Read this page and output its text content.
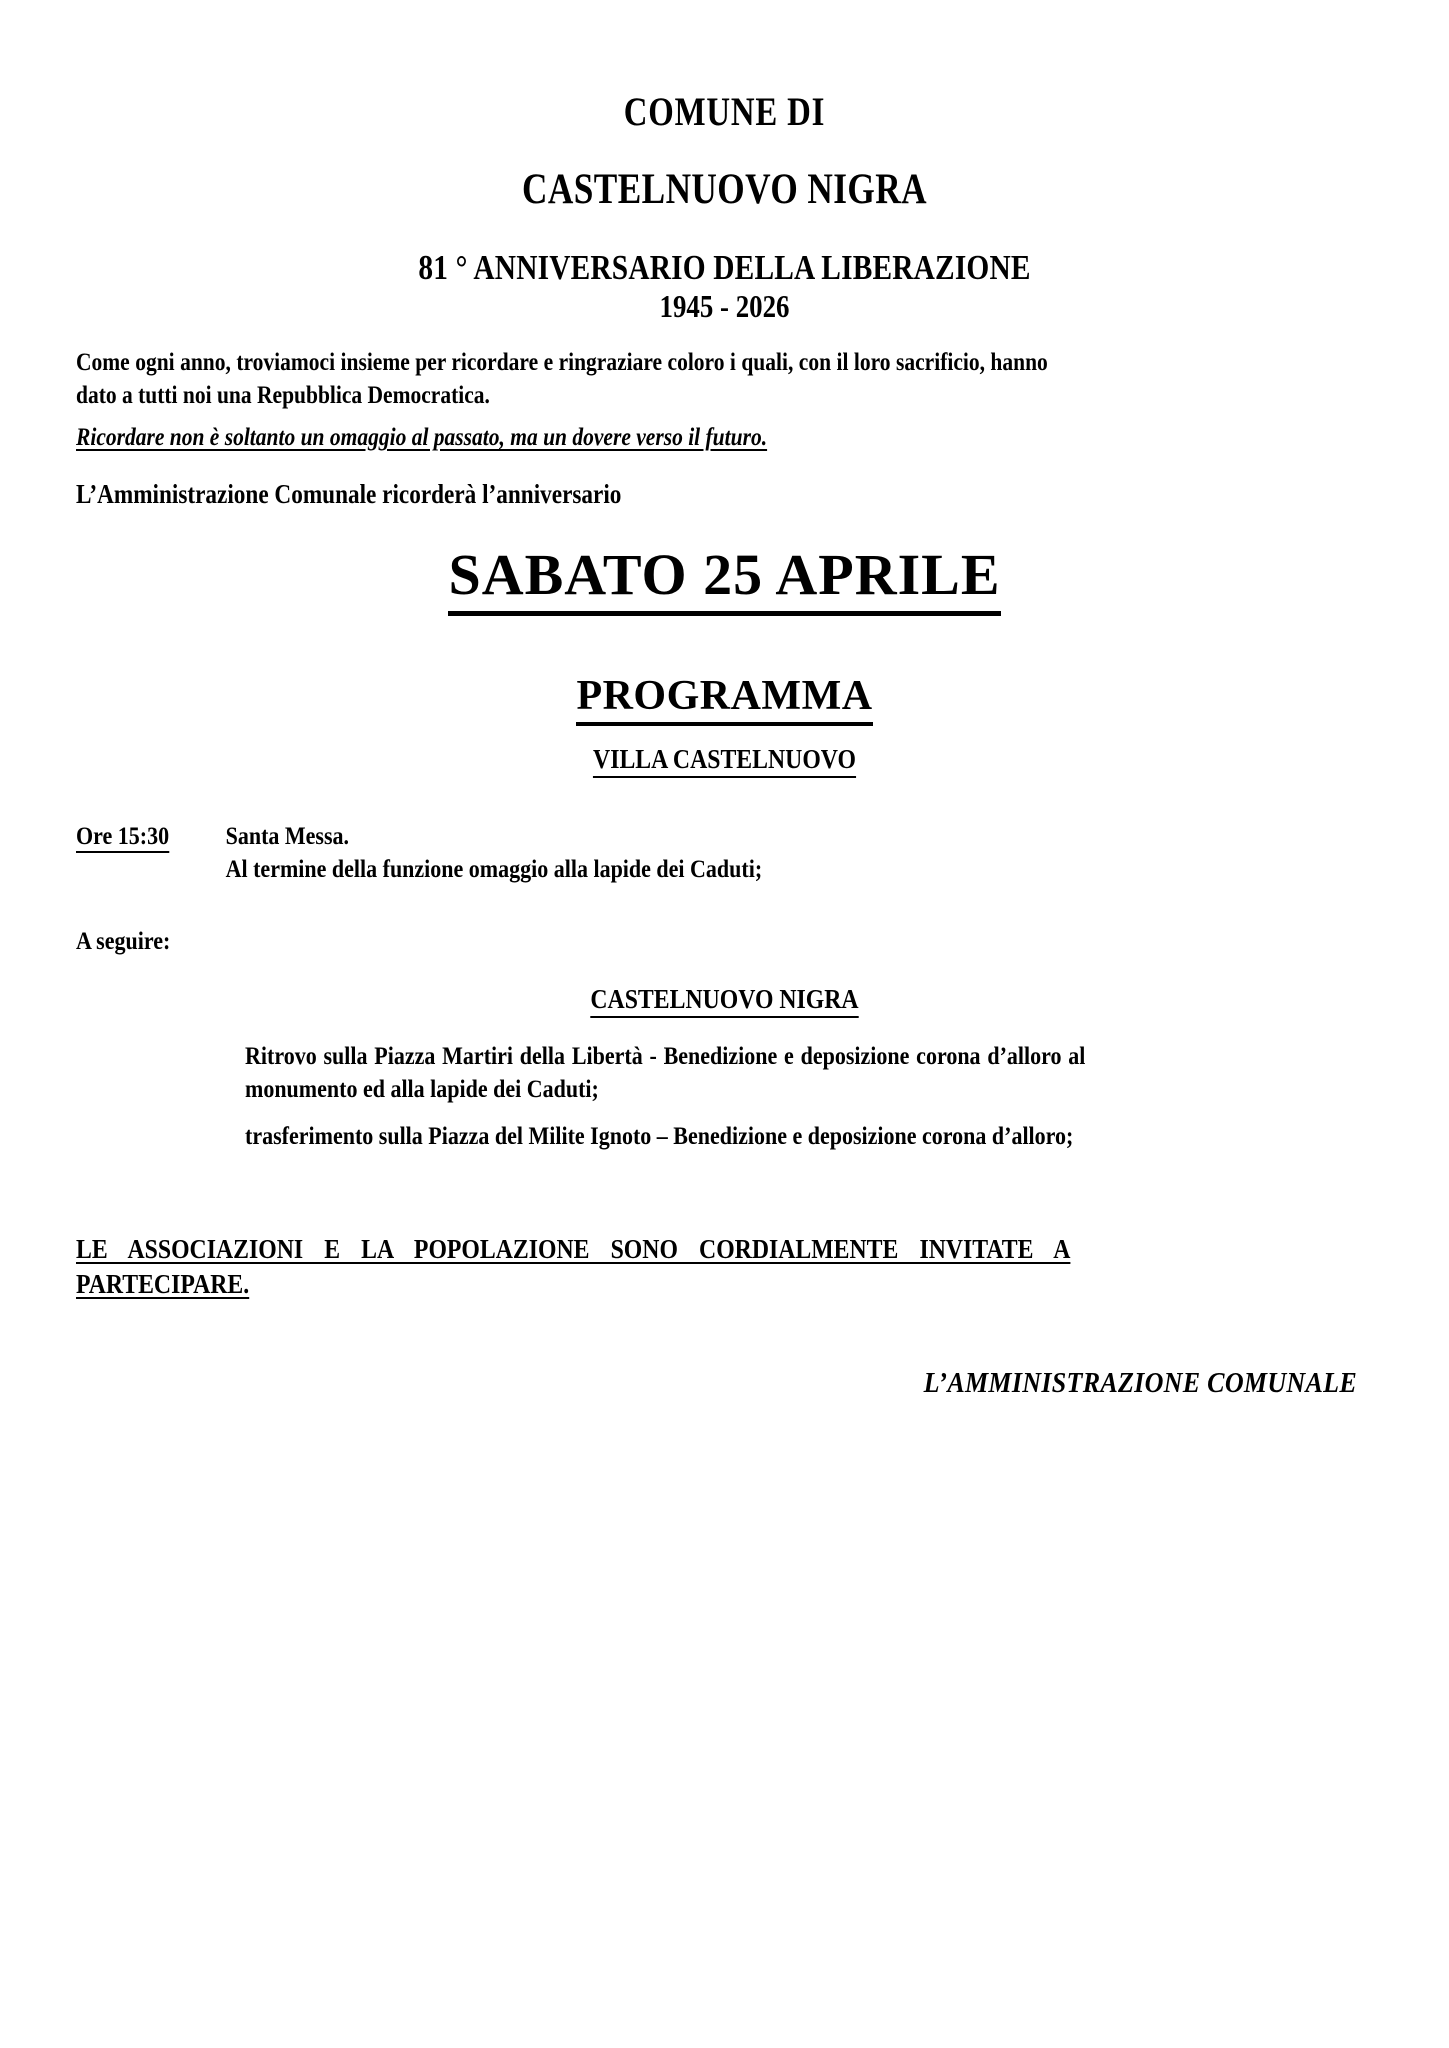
COMUNE DI
CASTELNUOVO NIGRA
81 ° ANNIVERSARIO DELLA LIBERAZIONE
1945 - 2026
Come ogni anno, troviamoci insieme per ricordare e ringraziare coloro i quali, con il loro sacrificio, hanno dato a tutti noi una Repubblica Democratica.
Ricordare non è soltanto un omaggio al passato, ma un dovere verso il futuro.
L’Amministrazione Comunale ricorderà l’anniversario
SABATO 25 APRILE
PROGRAMMA
VILLA CASTELNUOVO
Ore 15:30	Santa Messa.
Al termine della funzione omaggio alla lapide dei Caduti;
A seguire:
CASTELNUOVO NIGRA
Ritrovo sulla Piazza Martiri della Libertà - Benedizione e deposizione corona d’alloro al monumento ed alla lapide dei Caduti;
trasferimento sulla Piazza del Milite Ignoto – Benedizione e deposizione corona d’alloro;
LE ASSOCIAZIONI E LA POPOLAZIONE SONO CORDIALMENTE INVITATE A PARTECIPARE.
L’AMMINISTRAZIONE COMUNALE
